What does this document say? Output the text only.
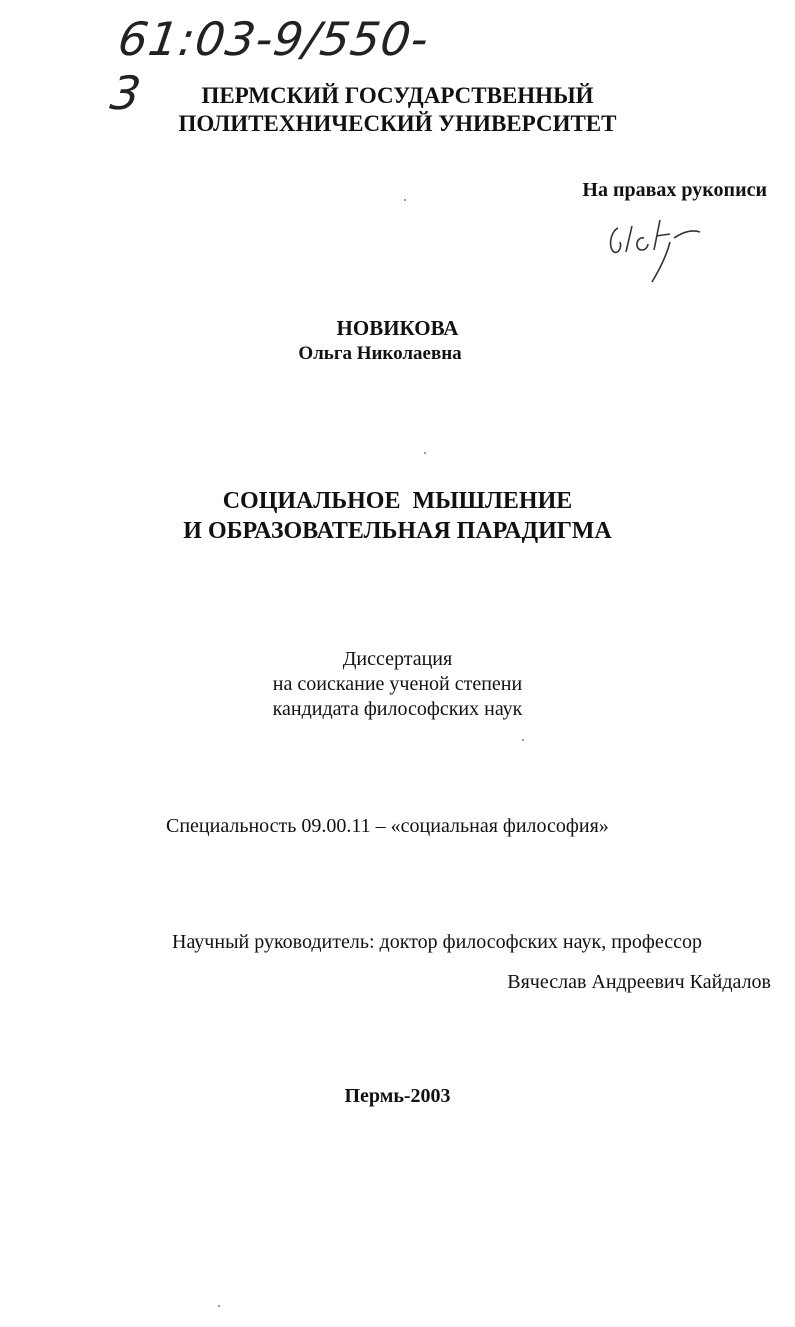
61:03-9/550-3	ПЕРМСКИЙ ГОСУДАРСТВЕННЫЙ
ПОЛИТЕХНИЧЕСКИЙ УНИВЕРСИТЕТ
На правах рукописи
НОВИКОВА
Ольга Николаевна
СОЦИАЛЬНОЕ  МЫШЛЕНИЕ
И ОБРАЗОВАТЕЛЬНАЯ ПАРАДИГМА
Диссертация
на соискание ученой степени
кандидата философских наук
Специальность 09.00.11 – «социальная философия»
Научный руководитель: доктор философских наук, профессор
Вячеслав Андреевич Кайдалов
Пермь-2003
